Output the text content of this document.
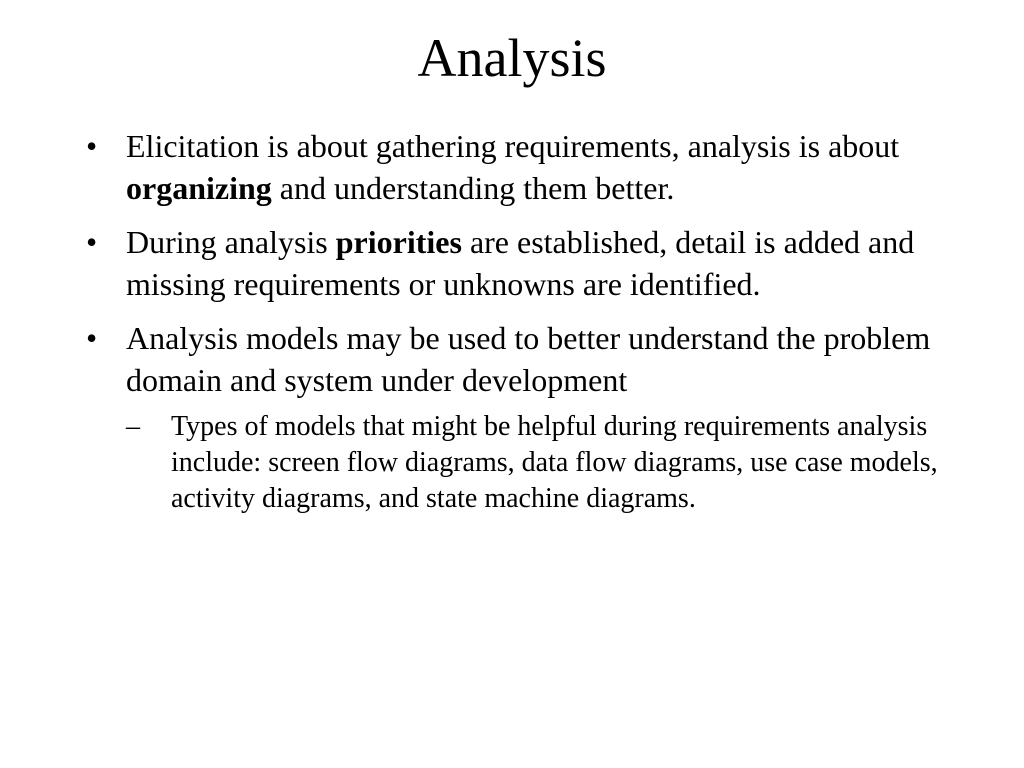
Analysis
• Elicitation is about gathering requirements, analysis is about organizing and understanding them better.
• During analysis priorities are established, detail is added and missing requirements or unknowns are identified.
• Analysis models may be used to better understand the problem domain and system under development
–	Types of models that might be helpful during requirements analysis include: screen flow diagrams, data flow diagrams, use case models, activity diagrams, and state machine diagrams.
